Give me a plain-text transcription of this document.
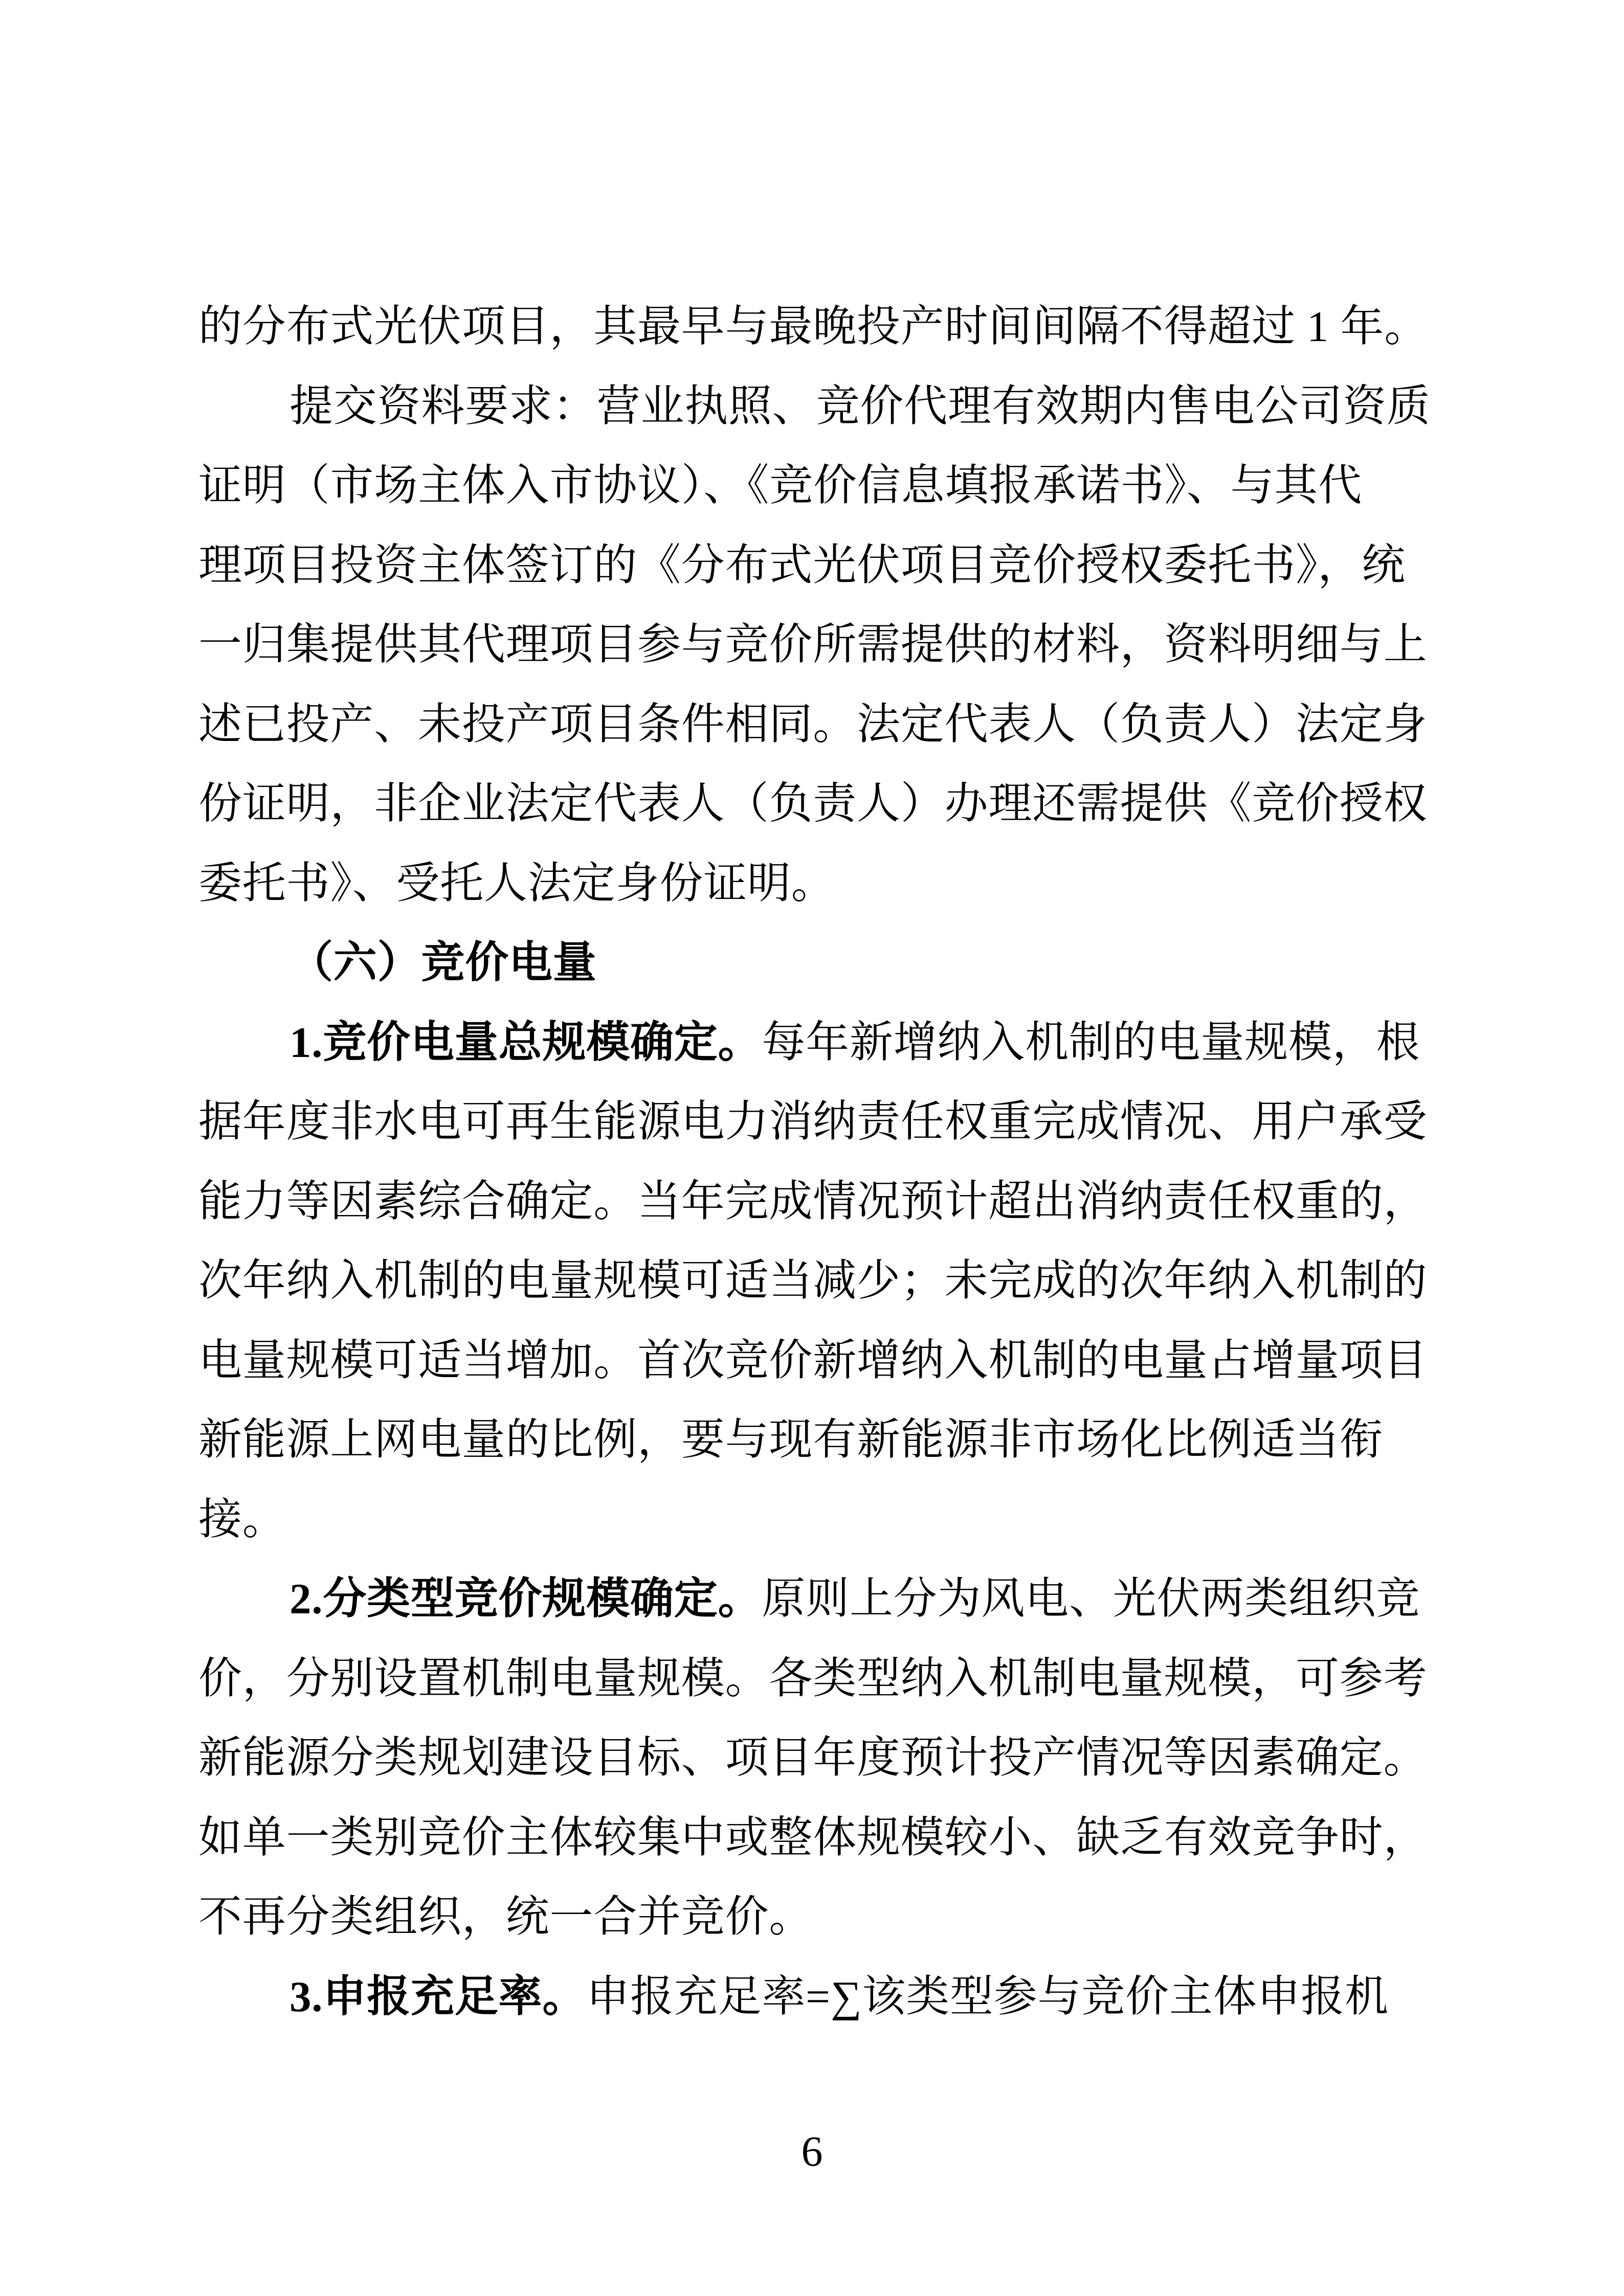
的分布式光伏项目，其最早与最晚投产时间间隔不得超过 1 年。
提交资料要求：营业执照、竞价代理有效期内售电公司资质
证明（市场主体入市协议）、《竞价信息填报承诺书》、与其代
理项目投资主体签订的《分布式光伏项目竞价授权委托书》，统
一归集提供其代理项目参与竞价所需提供的材料，资料明细与上
述已投产、未投产项目条件相同。法定代表人（负责人）法定身
份证明，非企业法定代表人（负责人）办理还需提供《竞价授权
委托书》、受托人法定身份证明。
（六）竞价电量
1.竞价电量总规模确定。每年新增纳入机制的电量规模，根
据年度非水电可再生能源电力消纳责任权重完成情况、用户承受
能力等因素综合确定。当年完成情况预计超出消纳责任权重的，
次年纳入机制的电量规模可适当减少；未完成的次年纳入机制的
电量规模可适当增加。首次竞价新增纳入机制的电量占增量项目
新能源上网电量的比例，要与现有新能源非市场化比例适当衔
接。
2.分类型竞价规模确定。原则上分为风电、光伏两类组织竞
价，分别设置机制电量规模。各类型纳入机制电量规模，可参考
新能源分类规划建设目标、项目年度预计投产情况等因素确定。
如单一类别竞价主体较集中或整体规模较小、缺乏有效竞争时，
不再分类组织，统一合并竞价。
3.申报充足率。申报充足率=∑该类型参与竞价主体申报机
6
